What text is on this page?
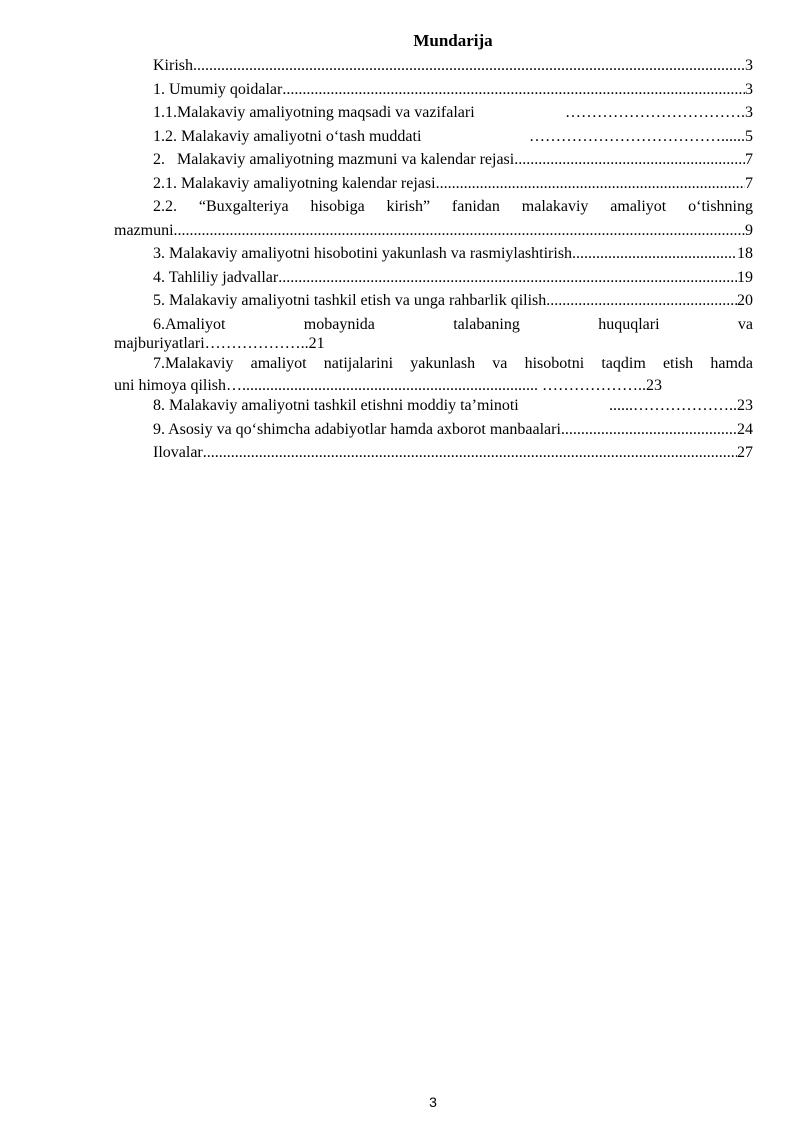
Mundarija
Kirish .....	3
1. Umumiy qoidalar .....	3
1.1.Malakaviy amaliyotning maqsadi va vazifalari	……………………………. 3
1.2. Malakaviy amaliyotni o‘tash muddati	………………………………...... 5
2.   Malakaviy amaliyotning mazmuni va kalendar rejasi .....	7
2.1. Malakaviy amaliyotning kalendar rejasi .....	7
2.2. “Buxgalteriya hisobiga kirish” fanidan malakaviy amaliyot o‘tishning
mazmuni .....	9
3. Malakaviy amaliyotni hisobotini yakunlash va rasmiylashtirish .....	18
4. Tahliliy jadvallar .....	19
5. Malakaviy amaliyotni tashkil etish va unga rahbarlik qilish .....	20
6.Amaliyot          mobaynida          talabaning          huquqlari          va
majburiyatlari………………..21
7.Malakaviy amaliyot natijalarini yakunlash va hisobotni taqdim etish hamda
uni himoya qilish….......................................................................... ………………..23
8. Malakaviy amaliyotni tashkil etishni moddiy ta’minoti	......……………….. 23
9. Asosiy va qo‘shimcha adabiyotlar hamda axborot manbaalari .....	24
Ilovalar .....	27
3
